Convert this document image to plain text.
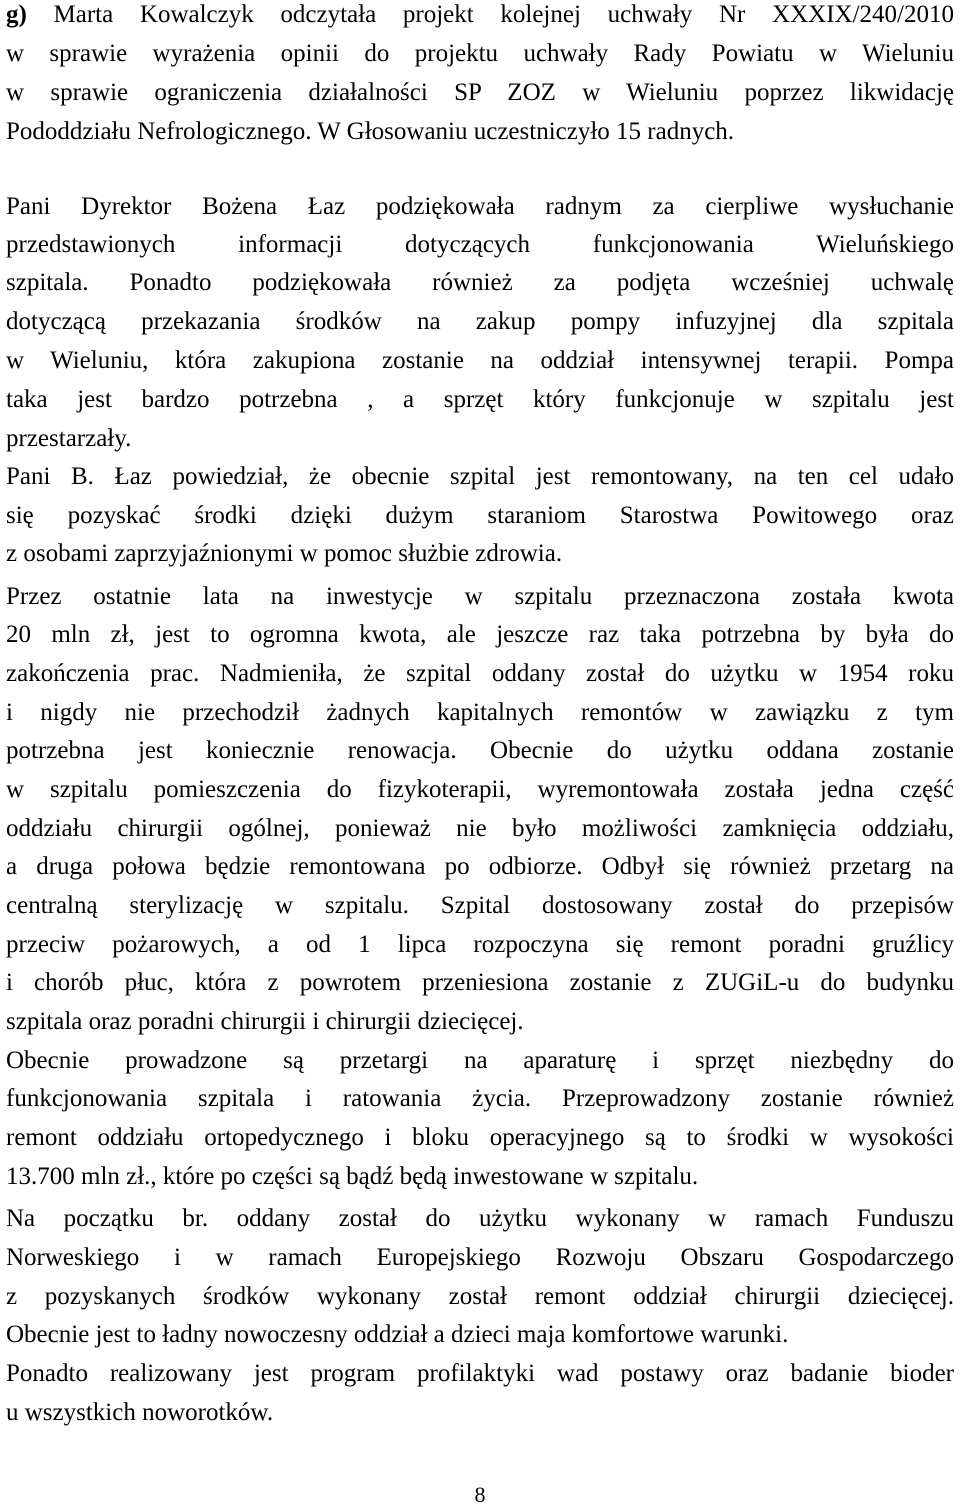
g) Marta Kowalczyk odczytała projekt kolejnej uchwały Nr XXXIX/240/2010
w sprawie wyrażenia opinii do projektu uchwały Rady Powiatu w Wieluniu
w sprawie ograniczenia działalności SP ZOZ w Wieluniu poprzez likwidację
Pododdziału Nefrologicznego. W Głosowaniu uczestniczyło 15 radnych.
Pani Dyrektor Bożena Łaz podziękowała radnym za cierpliwe wysłuchanie
przedstawionych informacji dotyczących funkcjonowania Wieluńskiego
szpitala. Ponadto podziękowała również za podjęta wcześniej uchwalę
dotyczącą przekazania środków na zakup pompy infuzyjnej dla szpitala
w Wieluniu, która zakupiona zostanie na oddział intensywnej terapii. Pompa
taka jest bardzo potrzebna , a sprzęt który funkcjonuje w szpitalu jest
przestarzały.
Pani B. Łaz powiedział, że obecnie szpital jest remontowany, na ten cel udało
się pozyskać środki dzięki dużym staraniom Starostwa Powitowego oraz
z osobami zaprzyjaźnionymi w pomoc służbie zdrowia.
Przez ostatnie lata na inwestycje w szpitalu przeznaczona została kwota
20 mln zł, jest to ogromna kwota, ale jeszcze raz taka potrzebna by była do
zakończenia prac. Nadmieniła, że szpital oddany został do użytku w 1954 roku
i nigdy nie przechodził żadnych kapitalnych remontów w zawiązku z tym
potrzebna jest koniecznie renowacja. Obecnie do użytku oddana zostanie
w szpitalu pomieszczenia do fizykoterapii, wyremontowała została jedna część
oddziału chirurgii ogólnej, ponieważ nie było możliwości zamknięcia oddziału,
a druga połowa będzie remontowana po odbiorze. Odbył się również przetarg na
centralną sterylizację w szpitalu. Szpital dostosowany został do przepisów
przeciw pożarowych, a od 1 lipca rozpoczyna się remont poradni gruźlicy
i chorób płuc, która z powrotem przeniesiona zostanie z ZUGiL-u do budynku
szpitala oraz poradni chirurgii i chirurgii dziecięcej.
Obecnie prowadzone są przetargi na aparaturę i sprzęt niezbędny do
funkcjonowania szpitala i ratowania życia. Przeprowadzony zostanie również
remont oddziału ortopedycznego i bloku operacyjnego są to środki w wysokości
13.700 mln zł., które po części są bądź będą inwestowane w szpitalu.
Na początku br. oddany został do użytku wykonany w ramach Funduszu
Norweskiego i w ramach Europejskiego Rozwoju Obszaru Gospodarczego
z pozyskanych środków wykonany został remont oddział chirurgii dziecięcej.
Obecnie jest to ładny nowoczesny oddział a dzieci maja komfortowe warunki.
Ponadto realizowany jest program profilaktyki wad postawy oraz badanie bioder
u wszystkich noworotków.
8
